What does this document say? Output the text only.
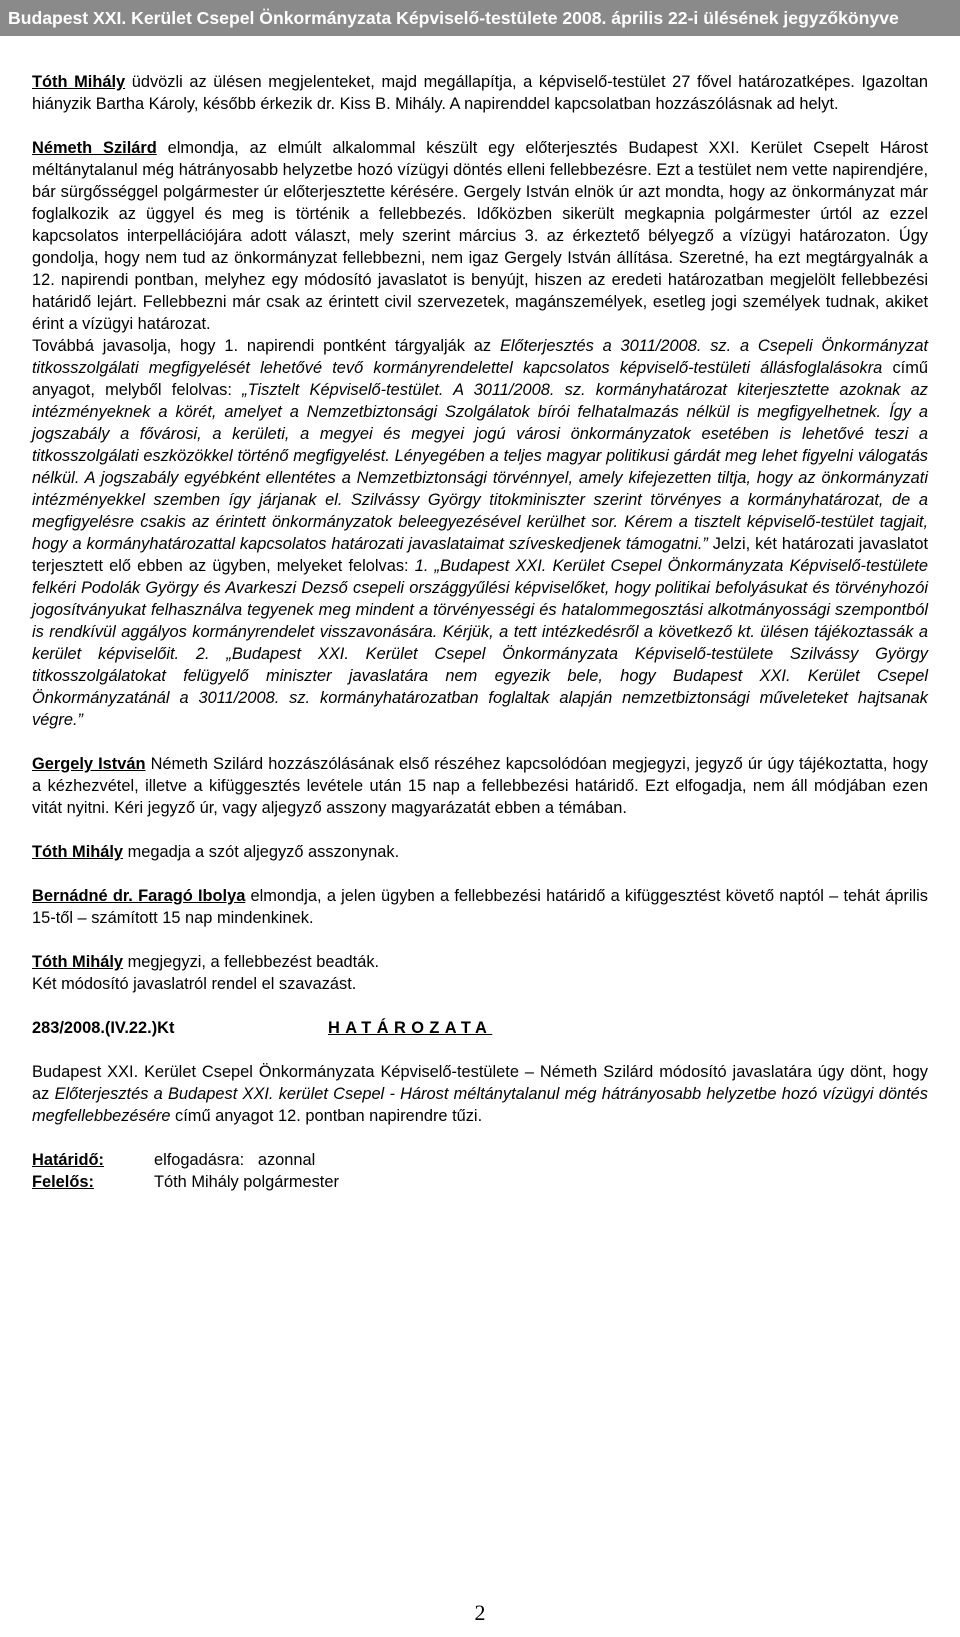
Budapest XXI. Kerület Csepel Önkormányzata Képviselő-testülete 2008. április 22-i ülésének jegyzőkönyve

Tóth Mihály üdvözli az ülésen megjelenteket, majd megállapítja, a képviselő-testület 27 fővel határozatképes. Igazoltan hiányzik Bartha Károly, később érkezik dr. Kiss B. Mihály. A napirenddel kapcsolatban hozzászólásnak ad helyt.

Németh Szilárd elmondja, az elmúlt alkalommal készült egy előterjesztés Budapest XXI. Kerület Csepelt Hárost méltánytalanul még hátrányosabb helyzetbe hozó vízügyi döntés elleni fellebbezésre. Ezt a testület nem vette napirendjére, bár sürgősséggel polgármester úr előterjesztette kérésére. Gergely István elnök úr azt mondta, hogy az önkormányzat már foglalkozik az üggyel és meg is történik a fellebbezés. Időközben sikerült megkapnia polgármester úrtól az ezzel kapcsolatos interpellációjára adott választ, mely szerint március 3. az érkeztető bélyegző a vízügyi határozaton. Úgy gondolja, hogy nem tud az önkormányzat fellebbezni, nem igaz Gergely István állítása. Szeretné, ha ezt megtárgyalnák a 12. napirendi pontban, melyhez egy módosító javaslatot is benyújt, hiszen az eredeti határozatban megjelölt fellebbezési határidő lejárt. Fellebbezni már csak az érintett civil szervezetek, magánszemélyek, esetleg jogi személyek tudnak, akiket érint a vízügyi határozat.
Továbbá javasolja, hogy 1. napirendi pontként tárgyalják az Előterjesztés a 3011/2008. sz. a Csepeli Önkormányzat titkosszolgálati megfigyelését lehetővé tevő kormányrendelettel kapcsolatos képviselő-testületi állásfoglalásokra című anyagot, melyből felolvas: „Tisztelt Képviselő-testület. A 3011/2008. sz. kormányhatározat kiterjesztette azoknak az intézményeknek a körét, amelyet a Nemzetbiztonsági Szolgálatok bírói felhatalmazás nélkül is megfigyelhetnek. Így a jogszabály a fővárosi, a kerületi, a megyei és megyei jogú városi önkormányzatok esetében is lehetővé teszi a titkosszolgálati eszközökkel történő megfigyelést. Lényegében a teljes magyar politikusi gárdát meg lehet figyelni válogatás nélkül. A jogszabály egyébként ellentétes a Nemzetbiztonsági törvénnyel, amely kifejezetten tiltja, hogy az önkormányzati intézményekkel szemben így járjanak el. Szilvássy György titokminiszter szerint törvényes a kormányhatározat, de a megfigyelésre csakis az érintett önkormányzatok beleegyezésével kerülhet sor. Kérem a tisztelt képviselő-testület tagjait, hogy a kormányhatározattal kapcsolatos határozati javaslataimat szíveskedjenek támogatni.” Jelzi, két határozati javaslatot terjesztett elő ebben az ügyben, melyeket felolvas: 1. „Budapest XXI. Kerület Csepel Önkormányzata Képviselő-testülete felkéri Podolák György és Avarkeszi Dezső csepeli országgyűlési képviselőket, hogy politikai befolyásukat és törvényhozói jogosítványukat felhasználva tegyenek meg mindent a törvényességi és hatalommegosztási alkotmányossági szempontból is rendkívül aggályos kormányrendelet visszavonására. Kérjük, a tett intézkedésről a következő kt. ülésen tájékoztassák a kerület képviselőit. 2. „Budapest XXI. Kerület Csepel Önkormányzata Képviselő-testülete Szilvássy György titkosszolgálatokat felügyelő miniszter javaslatára nem egyezik bele, hogy Budapest XXI. Kerület Csepel Önkormányzatánál a 3011/2008. sz. kormányhatározatban foglaltak alapján nemzetbiztonsági műveleteket hajtsanak végre.”

Gergely István Németh Szilárd hozzászólásának első részéhez kapcsolódóan megjegyzi, jegyző úr úgy tájékoztatta, hogy a kézhezvétel, illetve a kifüggesztés levétele után 15 nap a fellebbezési határidő. Ezt elfogadja, nem áll módjában ezen vitát nyitni. Kéri jegyző úr, vagy aljegyző asszony magyarázatát ebben a témában.

Tóth Mihály megadja a szót aljegyző asszonynak.

Bernádné dr. Faragó Ibolya elmondja, a jelen ügyben a fellebbezési határidő a kifüggesztést követő naptól – tehát április 15-től – számított 15 nap mindenkinek.

Tóth Mihály megjegyzi, a fellebbezést beadták.
Két módosító javaslatról rendel el szavazást.

283/2008.(IV.22.)Kt	HATÁROZATA

Budapest XXI. Kerület Csepel Önkormányzata Képviselő-testülete – Németh Szilárd módosító javaslatára úgy dönt, hogy az Előterjesztés a Budapest XXI. kerület Csepel - Hárost méltánytalanul még hátrányosabb helyzetbe hozó vízügyi döntés megfellebbezésére című anyagot 12. pontban napirendre tűzi.

Határidő:	elfogadásra:   azonnal
Felelős:	Tóth Mihály polgármester
2
